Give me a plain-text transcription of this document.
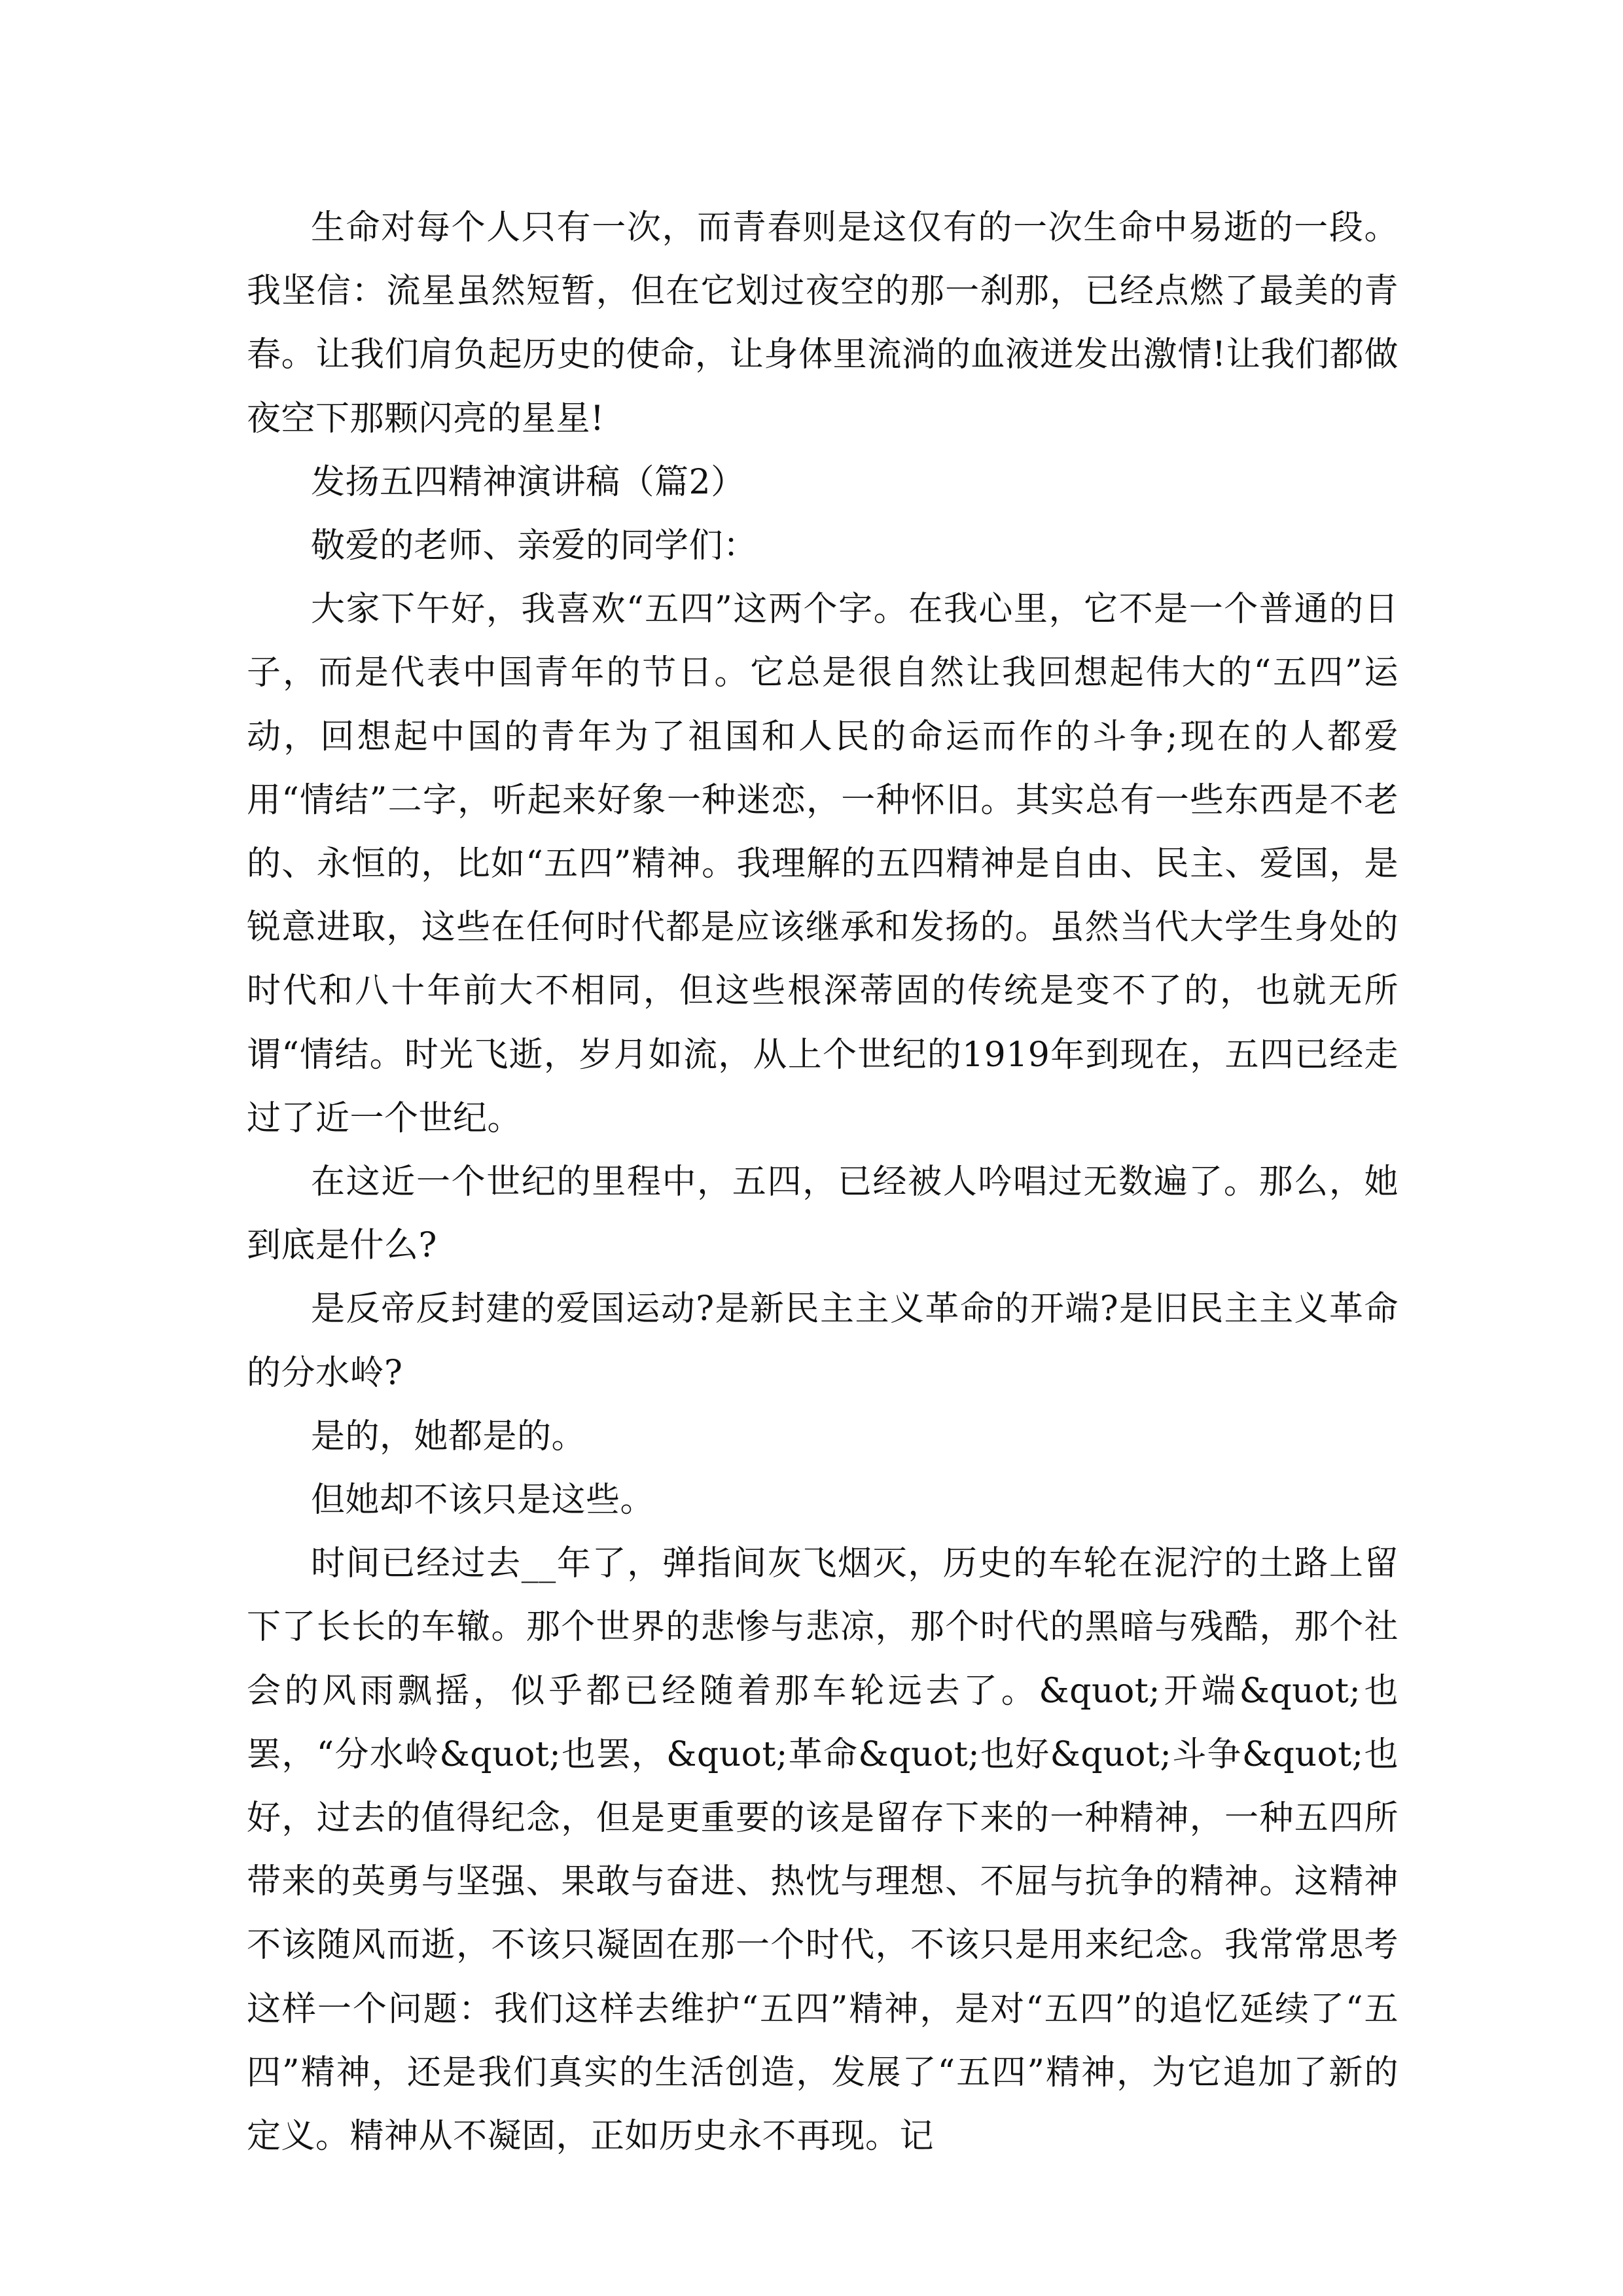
生命对每个人只有一次，而青春则是这仅有的一次生命中易逝的一段。我坚信：流星虽然短暂，但在它划过夜空的那一刹那，已经点燃了最美的青春。让我们肩负起历史的使命，让身体里流淌的血液迸发出激情!让我们都做夜空下那颗闪亮的星星!

发扬五四精神演讲稿（篇2）

敬爱的老师、亲爱的同学们：

大家下午好，我喜欢“五四”这两个字。在我心里，它不是一个普通的日子，而是代表中国青年的节日。它总是很自然让我回想起伟大的“五四”运动，回想起中国的青年为了祖国和人民的命运而作的斗争;现在的人都爱用“情结”二字，听起来好象一种迷恋，一种怀旧。其实总有一些东西是不老的、永恒的，比如“五四”精神。我理解的五四精神是自由、民主、爱国，是锐意进取，这些在任何时代都是应该继承和发扬的。虽然当代大学生身处的时代和八十年前大不相同，但这些根深蒂固的传统是变不了的，也就无所谓“情结。时光飞逝，岁月如流，从上个世纪的1919年到现在，五四已经走过了近一个世纪。

在这近一个世纪的里程中，五四，已经被人吟唱过无数遍了。那么，她到底是什么?

是反帝反封建的爱国运动?是新民主主义革命的开端?是旧民主主义革命的分水岭?

是的，她都是的。

但她却不该只是这些。

时间已经过去__年了，弹指间灰飞烟灭，历史的车轮在泥泞的土路上留下了长长的车辙。那个世界的悲惨与悲凉，那个时代的黑暗与残酷，那个社会的风雨飘摇，似乎都已经随着那车轮远去了。&quot;开端&quot;也罢，“分水岭&quot;也罢，&quot;革命&quot;也好&quot;斗争&quot;也好，过去的值得纪念，但是更重要的该是留存下来的一种精神，一种五四所带来的英勇与坚强、果敢与奋进、热忱与理想、不屈与抗争的精神。这精神不该随风而逝，不该只凝固在那一个时代，不该只是用来纪念。我常常思考这样一个问题：我们这样去维护“五四”精神，是对“五四”的追忆延续了“五四”精神，还是我们真实的生活创造，发展了“五四”精神，为它追加了新的定义。精神从不凝固，正如历史永不再现。记
